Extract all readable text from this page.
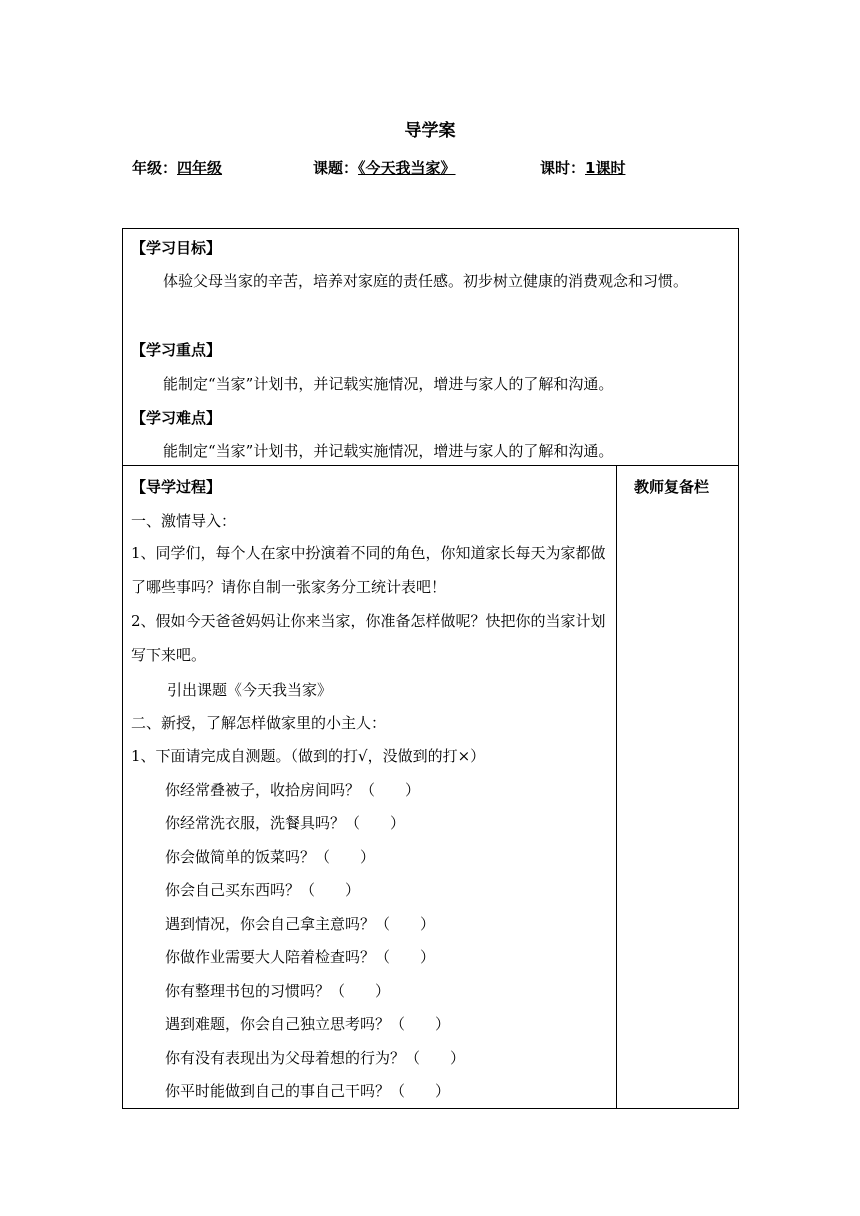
导学案
年级：四年级	课题：《今天我当家》	课时：1课时
【学习目标】
体验父母当家的辛苦，培养对家庭的责任感。初步树立健康的消费观念和习惯。
【学习重点】
能制定“当家”计划书，并记载实施情况，增进与家人的了解和沟通。
【学习难点】
能制定“当家”计划书，并记载实施情况，增进与家人的了解和沟通。
【导学过程】
一、激情导入：
1、同学们，每个人在家中扮演着不同的角色，你知道家长每天为家都做了哪些事吗？请你自制一张家务分工统计表吧！
2、假如今天爸爸妈妈让你来当家，你准备怎样做呢？快把你的当家计划写下来吧。
引出课题《今天我当家》
二、新授，了解怎样做家里的小主人：
1、下面请完成自测题。（做到的打√，没做到的打×）
你经常叠被子，收拾房间吗？（　　）
你经常洗衣服，洗餐具吗？（　　）
你会做简单的饭菜吗？（　　）
你会自己买东西吗？（　　）
遇到情况，你会自己拿主意吗？（　　）
你做作业需要大人陪着检查吗？（　　）
你有整理书包的习惯吗？（　　）
遇到难题，你会自己独立思考吗？（　　）
你有没有表现出为父母着想的行为？（　　）
你平时能做到自己的事自己干吗？（　　）
教师复备栏
